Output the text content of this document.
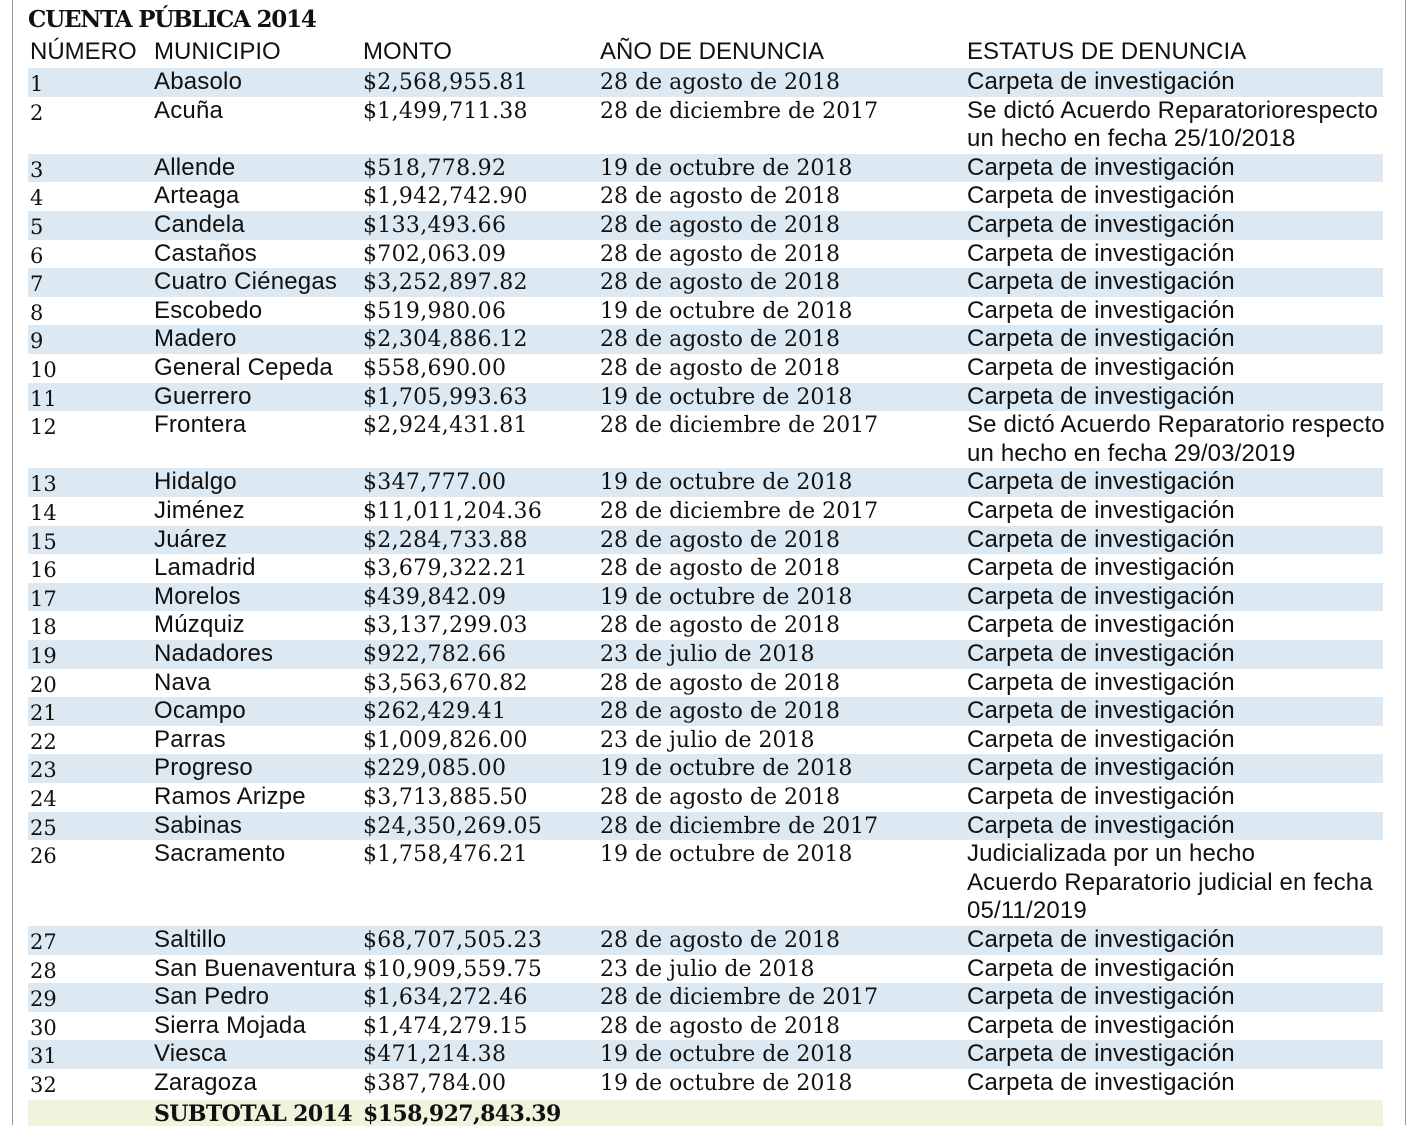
CUENTA PÚBLICA 2014
NÚMERO MUNICIPIO	MONTO	AÑO DE DENUNCIA	ESTATUS DE DENUNCIA
1	Abasolo	$2,568,955.81	28 de agosto de 2018	Carpeta de investigación
2	Acuña	$1,499,711.38	28 de diciembre de 2017	Se dictó Acuerdo Reparatoriorespecto
un hecho en fecha 25/10/2018
3	Allende	$518,778.92	19 de octubre de 2018	Carpeta de investigación
4	Arteaga	$1,942,742.90	28 de agosto de 2018	Carpeta de investigación
5	Candela	$133,493.66	28 de agosto de 2018	Carpeta de investigación
6	Castaños	$702,063.09	28 de agosto de 2018	Carpeta de investigación
7	Cuatro Ciénegas $3,252,897.82	28 de agosto de 2018	Carpeta de investigación
8	Escobedo	$519,980.06	19 de octubre de 2018	Carpeta de investigación
9	Madero	$2,304,886.12	28 de agosto de 2018	Carpeta de investigación
10	General Cepeda $558,690.00	28 de agosto de 2018	Carpeta de investigación
11	Guerrero	$1,705,993.63	19 de octubre de 2018	Carpeta de investigación
12	Frontera	$2,924,431.81	28 de diciembre de 2017	Se dictó Acuerdo Reparatorio respecto
un hecho en fecha 29/03/2019
13	Hidalgo	$347,777.00	19 de octubre de 2018	Carpeta de investigación
14	Jiménez	$11,011,204.36	28 de diciembre de 2017	Carpeta de investigación
15	Juárez	$2,284,733.88	28 de agosto de 2018	Carpeta de investigación
16	Lamadrid	$3,679,322.21	28 de agosto de 2018	Carpeta de investigación
17	Morelos	$439,842.09	19 de octubre de 2018	Carpeta de investigación
18	Múzquiz	$3,137,299.03	28 de agosto de 2018	Carpeta de investigación
19	Nadadores	$922,782.66	23 de julio de 2018	Carpeta de investigación
20	Nava	$3,563,670.82	28 de agosto de 2018	Carpeta de investigación
21	Ocampo	$262,429.41	28 de agosto de 2018	Carpeta de investigación
22	Parras	$1,009,826.00	23 de julio de 2018	Carpeta de investigación
23	Progreso	$229,085.00	19 de octubre de 2018	Carpeta de investigación
24	Ramos Arizpe	$3,713,885.50	28 de agosto de 2018	Carpeta de investigación
25	Sabinas	$24,350,269.05	28 de diciembre de 2017	Carpeta de investigación
26	Sacramento	$1,758,476.21	19 de octubre de 2018	Judicializada por un hecho
Acuerdo Reparatorio judicial en fecha
05/11/2019
27	Saltillo	$68,707,505.23	28 de agosto de 2018	Carpeta de investigación
28	San Buenaventura $10,909,559.75	23 de julio de 2018	Carpeta de investigación
29	San Pedro	$1,634,272.46	28 de diciembre de 2017	Carpeta de investigación
30	Sierra Mojada	$1,474,279.15	28 de agosto de 2018	Carpeta de investigación
31	Viesca	$471,214.38	19 de octubre de 2018	Carpeta de investigación
32	Zaragoza	$387,784.00	19 de octubre de 2018	Carpeta de investigación
SUBTOTAL 2014 $158,927,843.39
